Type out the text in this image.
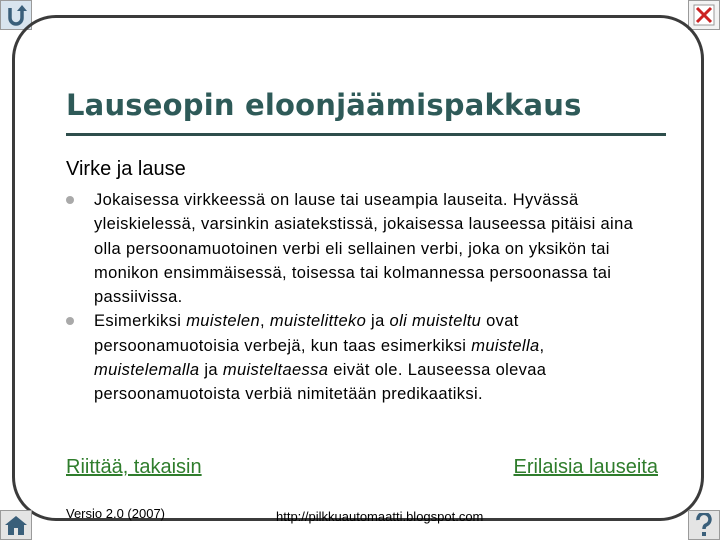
Lauseopin eloonjäämispakkaus
Virke ja lause
Jokaisessa virkkeessä on lause tai useampia lauseita. Hyvässä yleiskielessä, varsinkin asiatekstissä, jokaisessa lauseessa pitäisi aina olla persoonamuotoinen verbi eli sellainen verbi, joka on yksikön tai monikon ensimmäisessä, toisessa tai kolmannessa persoonassa tai passiivissa.
Esimerkiksi muistelen, muistelitteko ja oli muisteltu ovat persoonamuotoisia verbejä, kun taas esimerkiksi muistella, muistelemalla ja muisteltaessa eivät ole. Lauseessa olevaa persoonamuotoista verbiä nimitetään predikaatiksi.
Riittää, takaisin	Erilaisia lauseita
Versio 2.0 (2007)	http://pilkkuautomaatti.blogspot.com
